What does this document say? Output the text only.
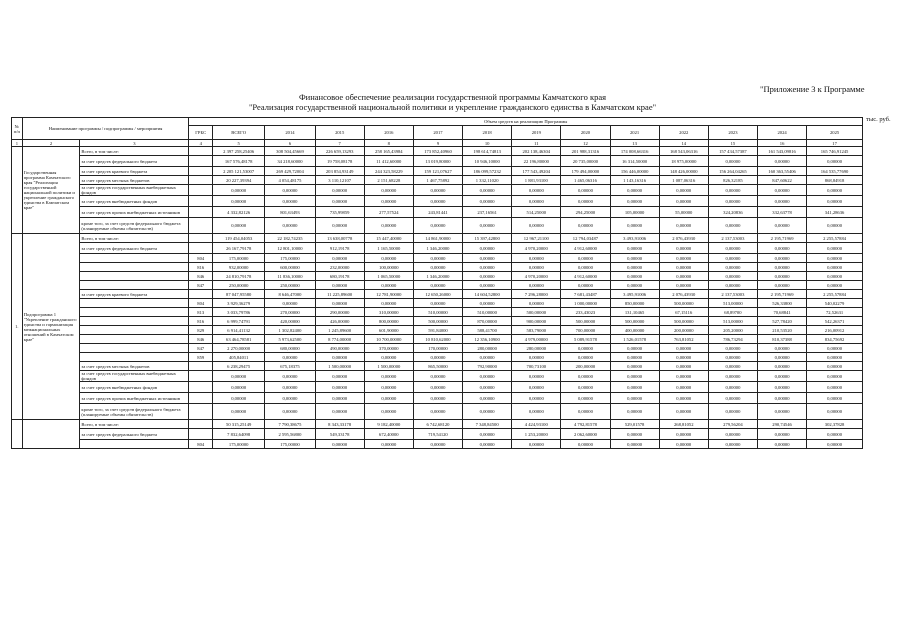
"Приложение 3 к Программе
Финансовое обеспечение реализации государственной программы Камчатского края
"Реализация государственной национальной политики и укрепление гражданского единства в Камчатском крае"
тыс. руб.
№ п/п	Наименование программы / подпрограммы / мероприятия		Объем средств на реализацию Программы													
			ГРБС	ВСЕГО	2014	2015	2016	2017	2018	2019	2020	2021	2022	2023	2024	2025
1	2	3	4	5	6	7	8	9	10	11	12	13	14	15	16	17
	Государственная программа Камчатского края "Реализация государственной национальной политики и укрепление гражданского единства в Камчатском крае"	Всего, в том числе:		2 397 258,25406	308 504,45669	226 659,13293	258 165,43984	173 852,40960	198 614,74813	202 138,46304	201 988,31316	174 008,66316	168 543,06316	157 434,57387	161 543,09816	165 746,91245
		за счет средств федерального бюджета		167 576,48178	34 218,60000	19 758,08178	11 412,60000	13 019,80000	10 946,10000	22 196,80000	20 735,00000	16 314,50000	18 975,00000	0,00000	0,00000	0,00000
		за счет средств краевого бюджета		2 205 121,53007	269 429,72004	203 854,93149	244 323,58229	159 121,07627	186 099,57232	177 543,49204	179 494,00000	156 446,00000	148 426,00000	156 264,04265	160 363,55406	164 535,77690
		за счет средств местных бюджетов		20 227,39394	4 054,48175	3 110,12107	2 151,68228	1 467,75892	1 332,11020	1 881,93100	1 465,06316	1 143,16316	1 087,06316	826,32185	847,60622	868,84918
		за счет средств государственных внебюджетных фондов		0,00000	0,00000	0,00000	0,00000	0,00000	0,00000	0,00000	0,00000	0,00000	0,00000	0,00000	0,00000	0,00000
		за счет средств внебюджетных фондов		0,00000	0,00000	0,00000	0,00000	0,00000	0,00000	0,00000	0,00000	0,00000	0,00000	0,00000	0,00000	0,00000
		за счет средств прочих внебюджетных источников		4 332,82126	801,63493	735,99859	277,57524	243,81441	237,16561	514,25000	294,25000	105,00000	55,00000	324,20836	332,63778	341,28636
		кроме того, за счет средств федерального бюджета (планируемые объемы обязательств)		0,00000	0,00000	0,00000	0,00000	0,00000	0,00000	0,00000	0,00000	0,00000	0,00000	0,00000	0,00000	0,00000
1.	Подпрограмма 1 "Укрепление гражданского единства и гармонизация межнациональных отношений в Камчатском крае"	Всего, в том числе:		119 454,04053	22 182,74235	13 638,00778	15 447,40000	14 861,90000	15 397,42800	12 967,21100	12 794,03487	3 493,91006	2 076,43930	2 137,53003	2 195,71969	2 255,57884
		за счет средств федерального бюджета		26 167,79178	12 801,10000	912,19178	1 165,50000	1 346,20000	0,00000	4 970,20000	4 912,60000	0,00000	0,00000	0,00000	0,00000	0,00000
			804	175,00000	175,00000	0,00000	0,00000	0,00000	0,00000	0,00000	0,00000	0,00000	0,00000	0,00000	0,00000	0,00000
			816	932,00000	600,00000	232,00000	100,00000	0,00000	0,00000	0,00000	0,00000	0,00000	0,00000	0,00000	0,00000	0,00000
			846	24 810,79178	11 836,10000	680,19178	1 065,50000	1 346,20000	0,00000	4 970,20000	4 912,60000	0,00000	0,00000	0,00000	0,00000	0,00000
			847	250,00000	250,00000	0,00000	0,00000	0,00000	0,00000	0,00000	0,00000	0,00000	0,00000	0,00000	0,00000	0,00000
		за счет средств краевого бюджета		87 047,95580	8 646,47000	11 225,89600	12 781,90000	12 650,26000	14 604,52800	7 296,28000	7 681,43487	3 495,91006	2 076,43930	2 137,53003	2 195,71969	2 255,57884
			804	3 929,36279	0,00000	0,00000	0,00000	0,00000	0,00000	0,00000	1 000,00000	850,00000	500,00000	513,00000	526,33800	540,02279
			813	3 033,79786	270,00000	290,00000	310,00000	510,00000	510,00000	500,00000	233,43023	131,10465	67,15116	68,89700	70,68841	72,52631
			816	6 999,74791	420,00000	426,00000	800,00000	500,00000	870,00000	900,00000	500,00000	500,00000	500,00000	513,00000	527,78420	542,26371
			829	6 914,41132	1 302,82400	1 245,89600	601,90000	591,84000	588,41700	583,79000	700,00000	400,00000	200,00000	205,20000	210,53520	216,00912
			846	63 464,78581	5 973,62500	8 774,00000	10 700,00000	10 810,62000	12 356,10900	4 979,00000	5 089,91578	1 526,01578	763,81052	786,73294	810,37388	834,75692
			847	2 270,00000	680,00000	490,00000	370,00000	170,00000	280,00000	280,00000	0,00000	0,00000	0,00000	0,00000	0,00000	0,00000
			859	405,84011	0,00000	0,00000	0,00000	0,00000	0,00000	0,00000	0,00000	0,00000	0,00000	0,00000	0,00000	0,00000
		за счет средств местных бюджетов		6 238,29475	675,18375	1 500,00000	1 500,00000	865,50000	792,90000	700,73100	200,00000	0,00000	0,00000	0,00000	0,00000	0,00000
		за счет средств государственных внебюджетных фондов		0,00000	0,00000	0,00000	0,00000	0,00000	0,00000	0,00000	0,00000	0,00000	0,00000	0,00000	0,00000	0,00000
		за счет средств внебюджетных фондов		0,00000	0,00000	0,00000	0,00000	0,00000	0,00000	0,00000	0,00000	0,00000	0,00000	0,00000	0,00000	0,00000
		за счет средств прочих внебюджетных источников		0,00000	0,00000	0,00000	0,00000	0,00000	0,00000	0,00000	0,00000	0,00000	0,00000	0,00000	0,00000	0,00000
		кроме того, за счет средств федерального бюджета (планируемые объемы обязательств)		0,00000	0,00000	0,00000	0,00000	0,00000	0,00000	0,00000	0,00000	0,00000	0,00000	0,00000	0,00000	0,00000
		Всего, в том числе:		50 315,25149	7 790,38675	8 343,33178	9 182,40000	6 742,68120	7 348,84500	4 424,93100	4 792,81578	529,01578	268,81052	279,56204	290,74546	302,37828
		за счет средств федерального бюджета		7 832,64098	2 595,56800	549,33178	672,40000	719,54120	0,00000	1 253,20000	2 062,60000	0,00000	0,00000	0,00000	0,00000	0,00000
			804	175,00000	175,00000	0,00000	0,00000	0,00000	0,00000	0,00000	0,00000	0,00000	0,00000	0,00000	0,00000	0,00000
